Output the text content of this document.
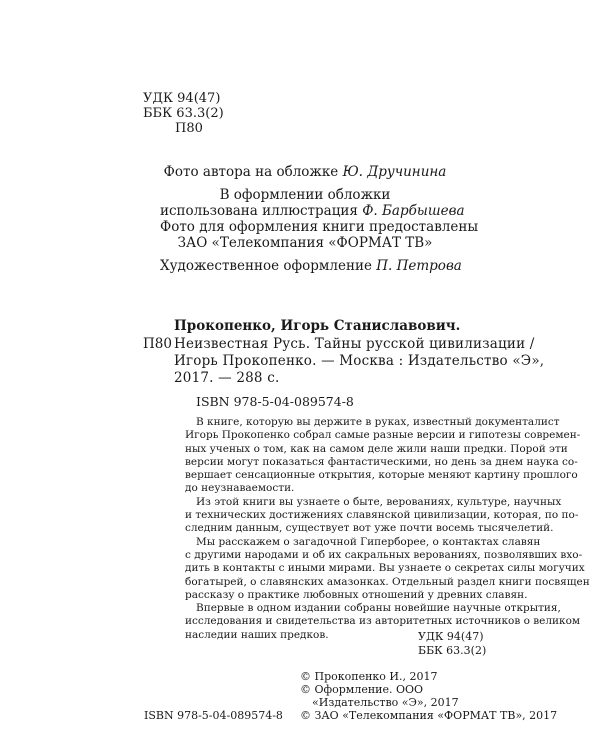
УДК 94(47)
ББК 63.3(2)
П80
Фото автора на обложке Ю. Дручинина
В оформлении обложки
использована иллюстрация Ф. Барбышева
Фото для оформления книги предоставлены
ЗАО «Телекомпания «ФОРМАТ ТВ»
Художественное оформление П. Петрова
Прокопенко, Игорь Станиславович.
П80 Неизвестная Русь. Тайны русской цивилизации /
Игорь Прокопенко. — Москва : Издательство «Э»,
2017. — 288 с.
ISBN 978-5-04-089574-8

В книге, которую вы держите в руках, известный документалист
Игорь Прокопенко собрал самые разные версии и гипотезы современ-
ных ученых о том, как на самом деле жили наши предки. Порой эти
версии могут показаться фантастическими, но день за днем наука со-
вершает сенсационные открытия, которые меняют картину прошлого
до неузнаваемости.

Из этой книги вы узнаете о быте, верованиях, культуре, научных
и технических достижениях славянской цивилизации, которая, по по-
следним данным, существует вот уже почти восемь тысячелетий.

Мы расскажем о загадочной Гиперборее, о контактах славян
с другими народами и об их сакральных верованиях, позволявших вхо-
дить в контакты с иными мирами. Вы узнаете о секретах силы могучих
богатырей, о славянских амазонках. Отдельный раздел книги посвящен
рассказу о практике любовных отношений у древних славян.

Впервые в одном издании собраны новейшие научные открытия,
исследования и свидетельства из авторитетных источников о великом
наследии наших предков.	УДК 94(47)
ББК 63.3(2)
© Прокопенко И., 2017
© Оформление. ООО
«Издательство «Э», 2017
ISBN 978-5-04-089574-8 © ЗАО «Телекомпания «ФОРМАТ ТВ», 2017
